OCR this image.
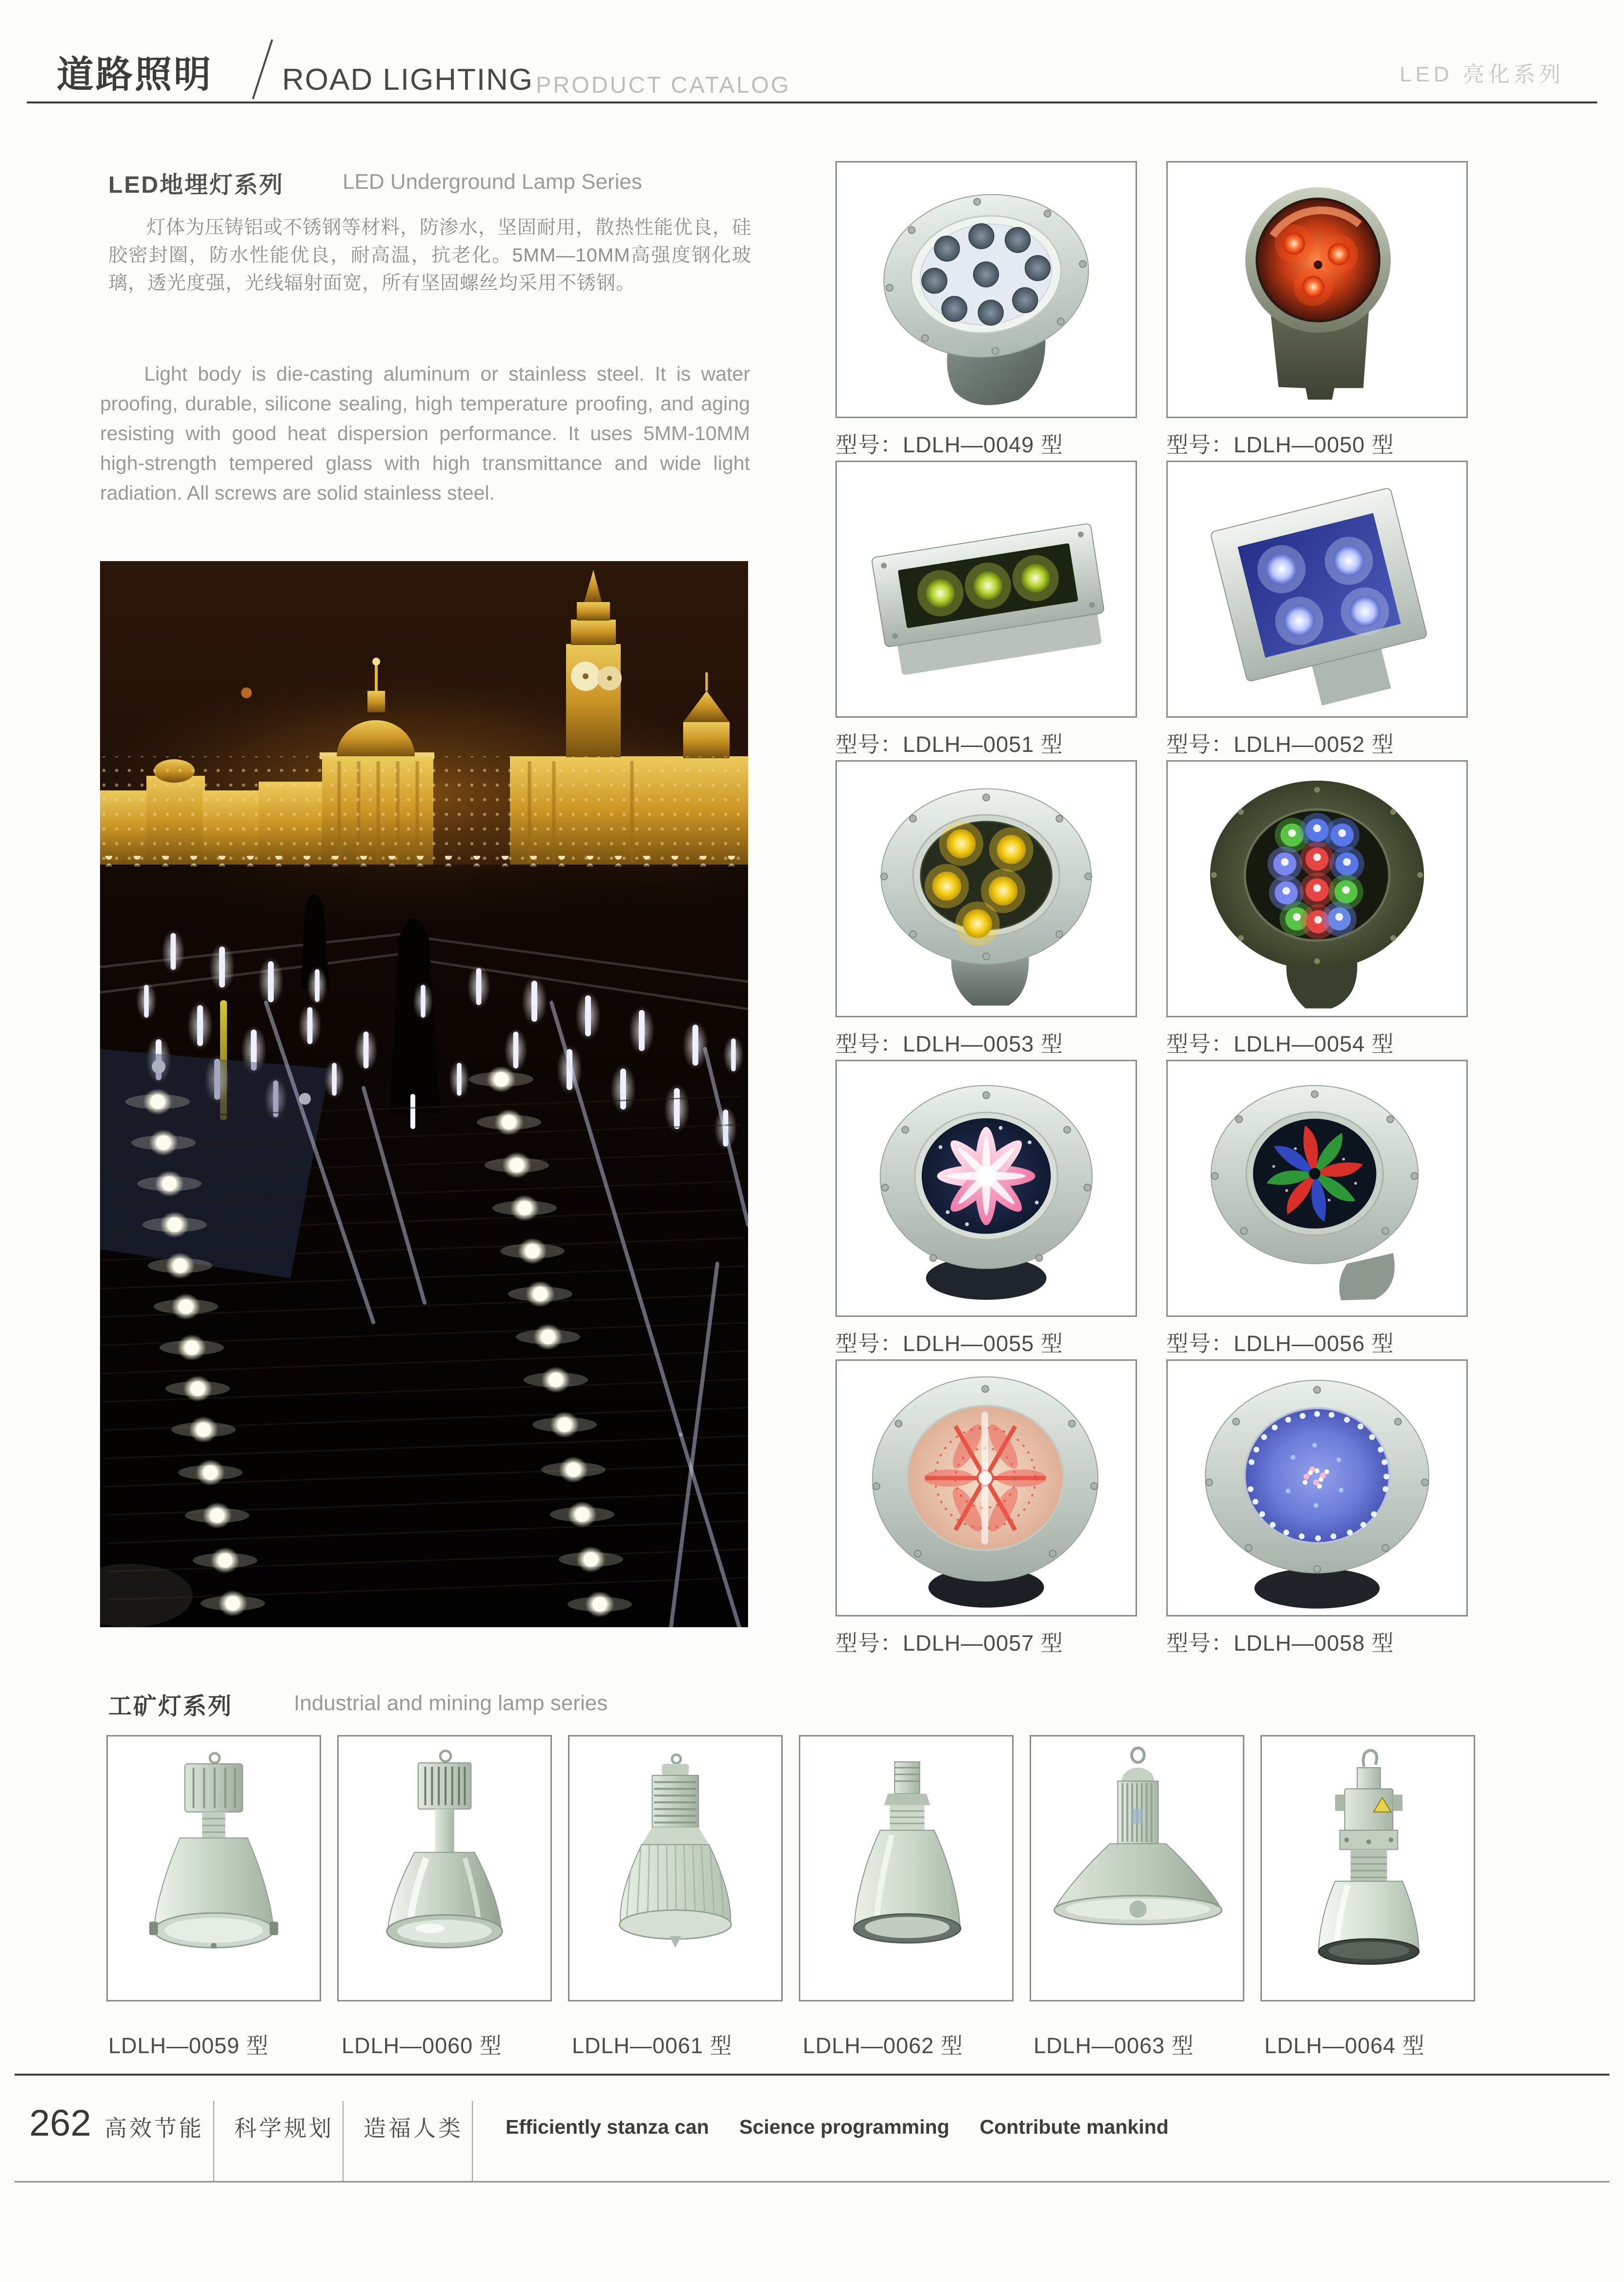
道路照明 ROAD LIGHTING PRODUCT CATALOG	LED 亮化系列
LED地埋灯系列	LED Underground Lamp Series
灯体为压铸铝或不锈钢等材料，防渗水，坚固耐用，散热性能优良，硅胶密封圈，防水性能优良，耐高温，抗老化。5MM—10MM高强度钢化玻璃，透光度强，光线辐射面宽，所有坚固螺丝均采用不锈钢。
Light body is die-casting aluminum or stainless steel. It is water proofing, durable, silicone sealing, high temperature proofing, and aging resisting with good heat dispersion performance. It uses 5MM-10MM high-strength tempered glass with high transmittance and wide light radiation. All screws are solid stainless steel.
型号：LDLH—0049 型	型号：LDLH—0050 型
型号：LDLH—0051 型	型号：LDLH—0052 型
型号：LDLH—0053 型	型号：LDLH—0054 型
型号：LDLH—0055 型	型号：LDLH—0056 型
型号：LDLH—0057 型	型号：LDLH—0058 型
工矿灯系列	Industrial and mining lamp series
LDLH—0059 型	LDLH—0060 型	LDLH—0061 型	LDLH—0062 型	LDLH—0063 型	LDLH—0064 型
262 高效节能 科学规划 造福人类 Efficiently stanza can Science programming Contribute mankind
